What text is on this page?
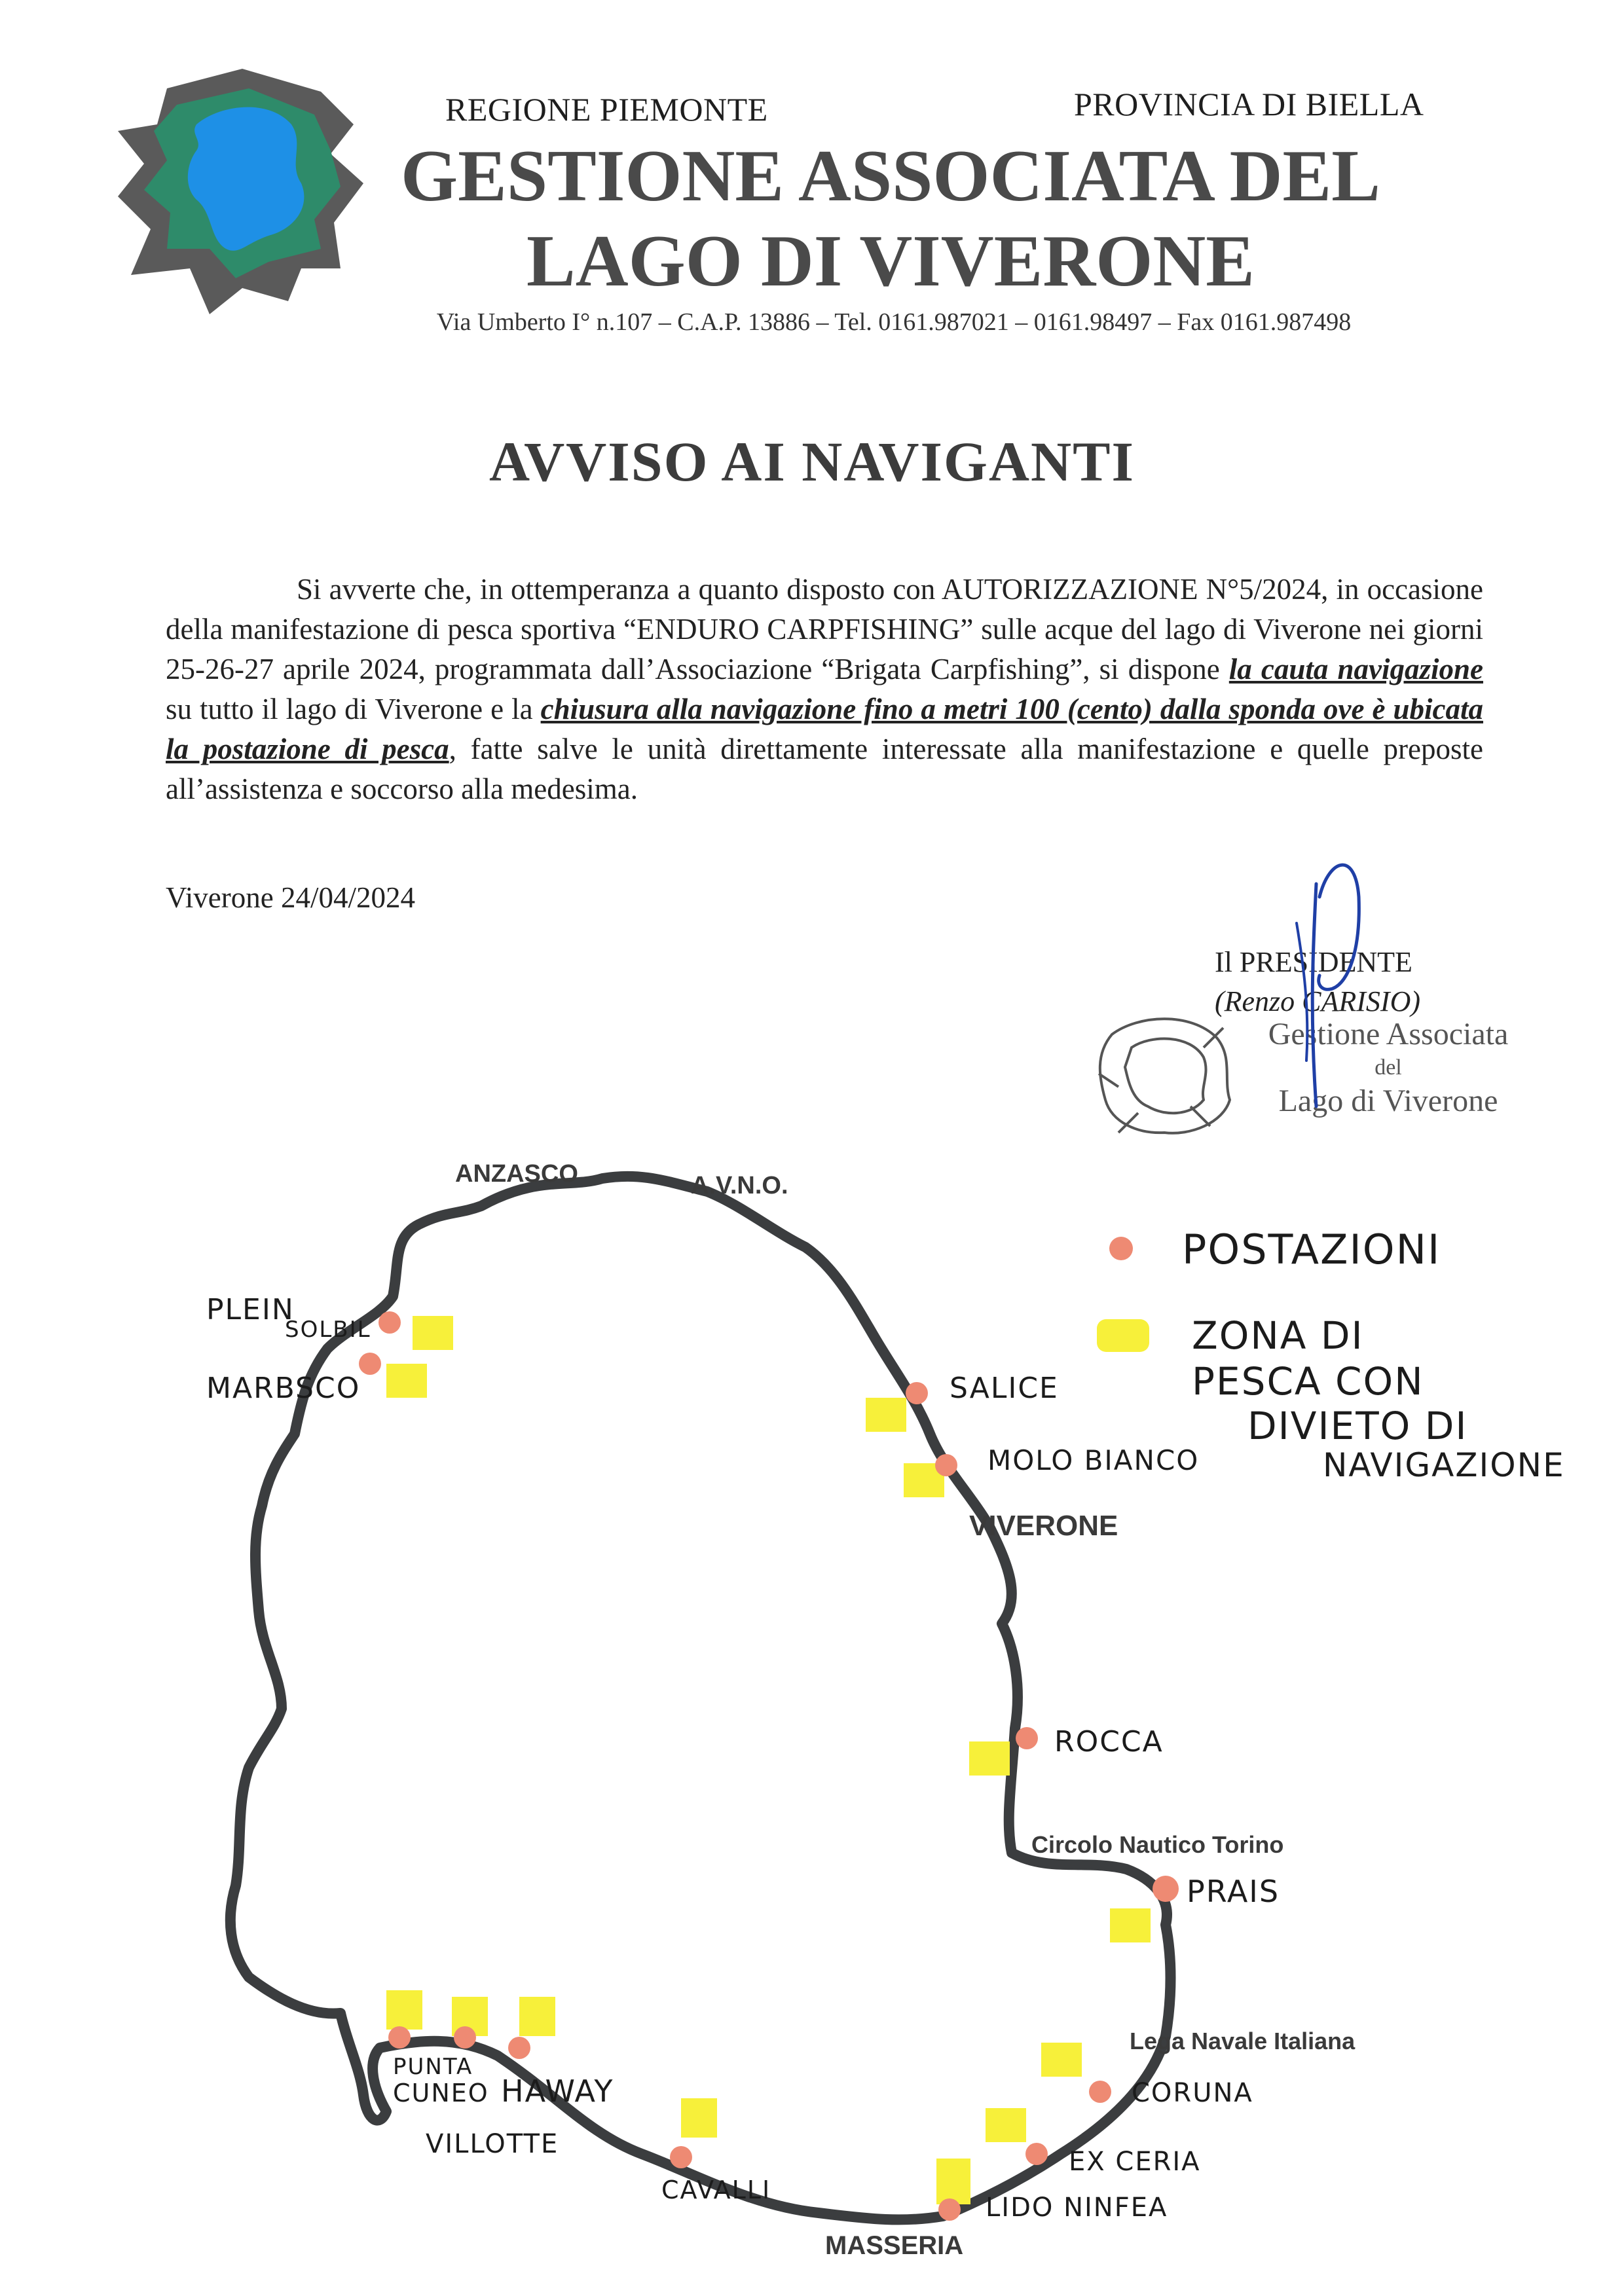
REGIONE PIEMONTE	PROVINCIA DI BIELLA
GESTIONE ASSOCIATA DEL
LAGO DI VIVERONE
Via Umberto I° n.107 – C.A.P. 13886 – Tel. 0161.987021 – 0161.98497 – Fax 0161.987498
AVVISO AI NAVIGANTI

Si avverte che, in ottemperanza a quanto disposto con AUTORIZZAZIONE N°5/2024, in occasione della manifestazione di pesca sportiva “ENDURO CARPFISHING” sulle acque del lago di Viverone nei giorni 25-26-27 aprile 2024, programmata dall’Associazione “Brigata Carpfishing”, si dispone la cauta navigazione su tutto il lago di Viverone e la chiusura alla navigazione fino a metri 100 (cento) dalla sponda ove è ubicata la postazione di pesca, fatte salve le unità direttamente interessate alla manifestazione e quelle preposte all’assistenza e soccorso alla medesima.

Viverone 24/04/2024
Il PRESIDENTE
(Renzo CARISIO)
Gestione Associata
del
Lago di Viverone
ANZASCO	A.V.N.O.
VIVERONE
Circolo Nautico Torino
Lega Navale Italiana
MASSERIA
PLEIN
SOLBIL
MARBSCO	SALICE
MOLO BIANCO
ROCCA
PRAIS
CORUNA
EX CERIA
LIDO NINFEA
CAVALLI
HAWAY
PUNTA
CUNEO
VILLOTTE
POSTAZIONI
ZONA DI
PESCA CON
DIVIETO DI
NAVIGAZIONE
